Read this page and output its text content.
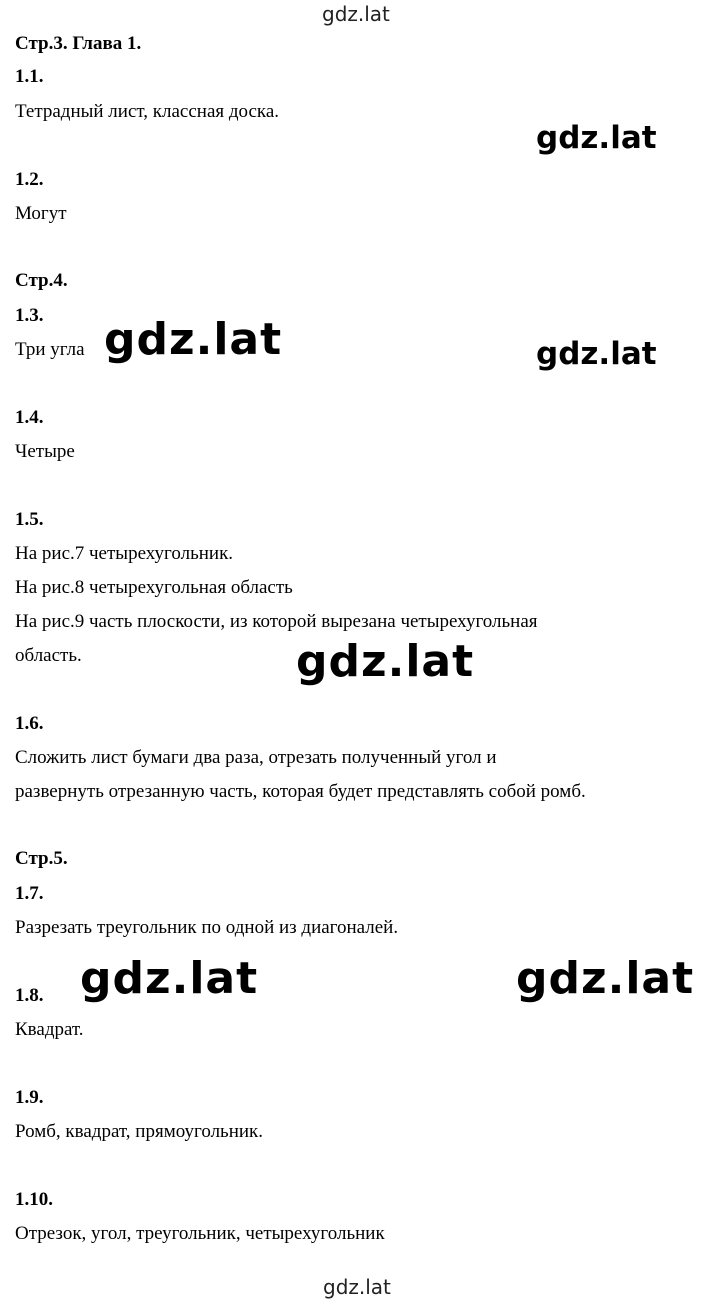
gdz.lat
gdz.lat
gdz.lat	gdz.lat
gdz.lat
gdz.lat	gdz.lat
gdz.lat
Стр.3. Глава 1.
1.1.
Тетрадный лист, классная доска.
1.2.
Могут
Стр.4.
1.3.
Три угла
1.4.
Четыре
1.5.
На рис.7 четырехугольник.
На рис.8 четырехугольная область
На рис.9 часть плоскости, из которой вырезана четырехугольная
область.
1.6.
Сложить лист бумаги два раза, отрезать полученный угол и
развернуть отрезанную часть, которая будет представлять собой ромб.
Стр.5.
1.7.
Разрезать треугольник по одной из диагоналей.
1.8.
Квадрат.
1.9.
Ромб, квадрат, прямоугольник.
1.10.
Отрезок, угол, треугольник, четырехугольник
